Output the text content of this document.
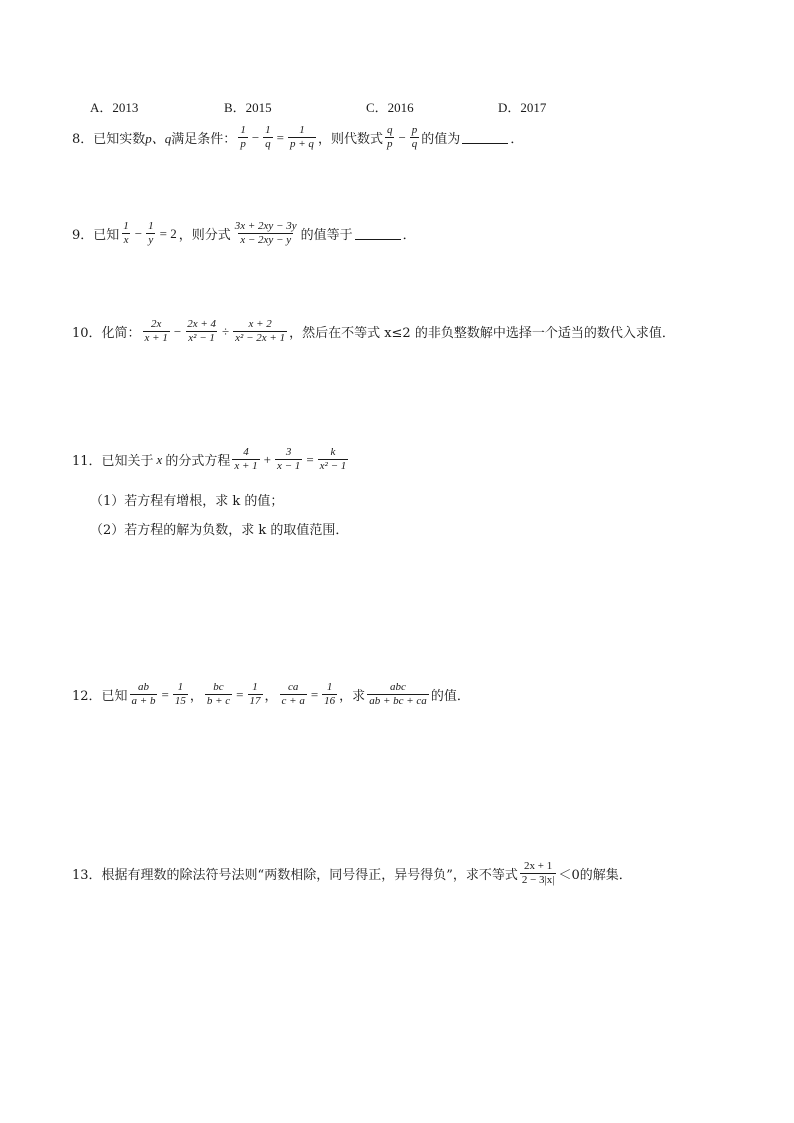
A．2013	B．2015	C．2016	D．2017
8．已知实数 p、q 满足条件： $\frac{1}{p} - \frac{1}{q} = \frac{1}{p + q}$ ，则代数式 $\frac{q}{p} - \frac{p}{q}$ 的值为	．
9．已知 $\frac{1}{x} - \frac{1}{y} = 2$ ，则分式 $\frac{3x + 2xy - 3y}{x - 2xy - y}$ 的值等于	．
10．化简： $\frac{2x}{x + 1} - \frac{2x + 4}{\text{x² − 1}} \div \frac{x + 2}{\text{x² − 2x + 1}}$ ，然后在不等式 x≤2 的非负整数解中选择一个适当的数代入求值．
11．已知关于 x 的分式方程 $\frac{4}{x + 1} + \frac{3}{x - 1} = \frac{k}{\text{x² − 1}}$
（1）若方程有增根，求 k 的值；
（2）若方程的解为负数，求 k 的取值范围．
12．已知 $\frac{ab}{a + b} = \frac{1}{15}$ ， $\frac{bc}{b + c} = \frac{1}{17}$ ， $\frac{ca}{c + a} = \frac{1}{16}$ ，求 $\frac{\text{abc}}{ab + bc + ca}$ 的值．
13．根据有理数的除法符号法则“两数相除，同号得正，异号得负”，求不等式 $\frac{2x + 1}{2 - 3|x|} <0$的解集．
